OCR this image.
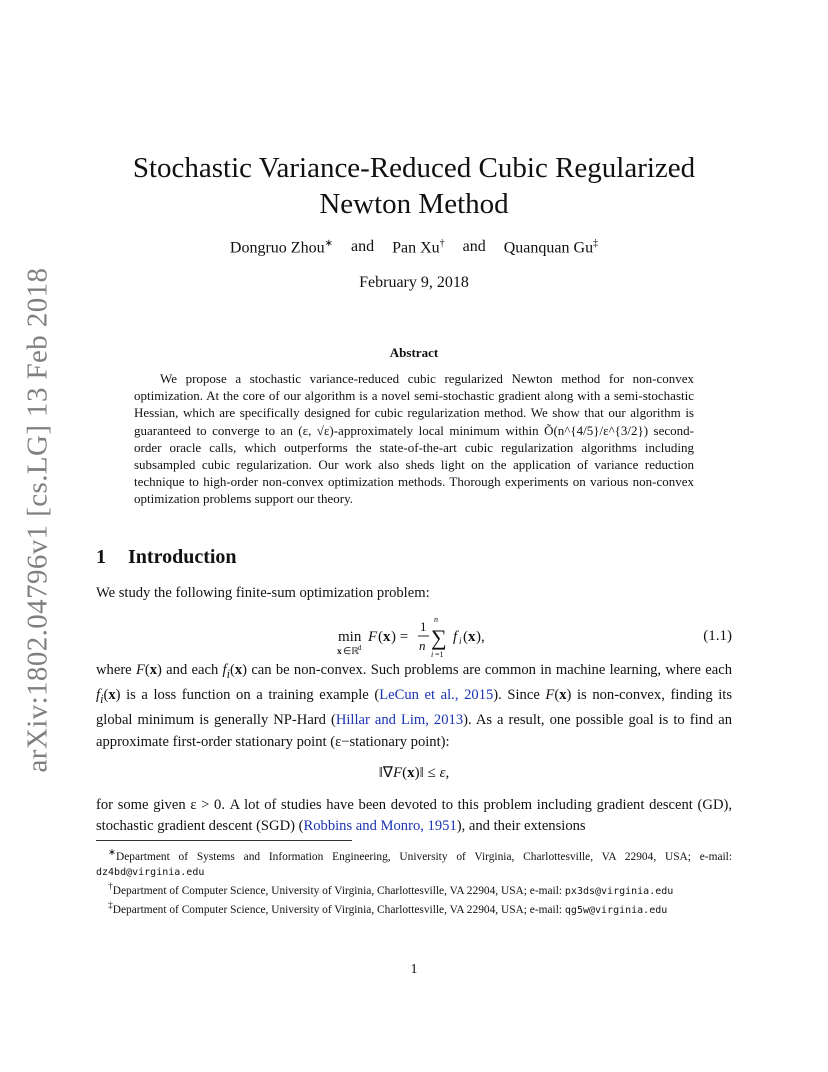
arXiv:1802.04796v1 [cs.LG] 13 Feb 2018
Stochastic Variance-Reduced Cubic Regularized Newton Method
Dongruo Zhou∗ and Pan Xu† and Quanquan Gu‡
February 9, 2018
Abstract

We propose a stochastic variance-reduced cubic regularized Newton method for non-convex optimization. At the core of our algorithm is a novel semi-stochastic gradient along with a semi-stochastic Hessian, which are specifically designed for cubic regularization method. We show that our algorithm is guaranteed to converge to an (ε, √ε)-approximately local minimum within Õ(n^{4/5}/ε^{3/2}) second-order oracle calls, which outperforms the state-of-the-art cubic regularization algorithms including subsampled cubic regularization. Our work also sheds light on the application of variance reduction technique to high-order non-convex optimization methods. Thorough experiments on various non-convex optimization problems support our theory.

1 Introduction

We study the following finite-sum optimization problem:

min
x ∈ℝ d
F ( x ) =
1
n
n
∑
i =1
f i ( x ),	(1.1)

where F(x) and each $f_i(x)$ can be non-convex. Such problems are common in machine learning, where each $f_i(x)$ is a loss function on a training example (LeCun et al., 2015). Since F(x) is non-convex, finding its global minimum is generally NP-Hard (Hillar and Lim, 2013). As a result, one possible goal is to find an approximate first-order stationary point (ε−stationary point):

‖∇F(x)‖ ≤ ε,

for some given ε > 0. A lot of studies have been devoted to this problem including gradient descent (GD), stochastic gradient descent (SGD) (Robbins and Monro, 1951), and their extensions

∗Department of Systems and Information Engineering, University of Virginia, Charlottesville, VA 22904, USA; e-mail: dz4bd@virginia.edu

†Department of Computer Science, University of Virginia, Charlottesville, VA 22904, USA; e-mail: px3ds@virginia.edu

‡Department of Computer Science, University of Virginia, Charlottesville, VA 22904, USA; e-mail: qg5w@virginia.edu

1
